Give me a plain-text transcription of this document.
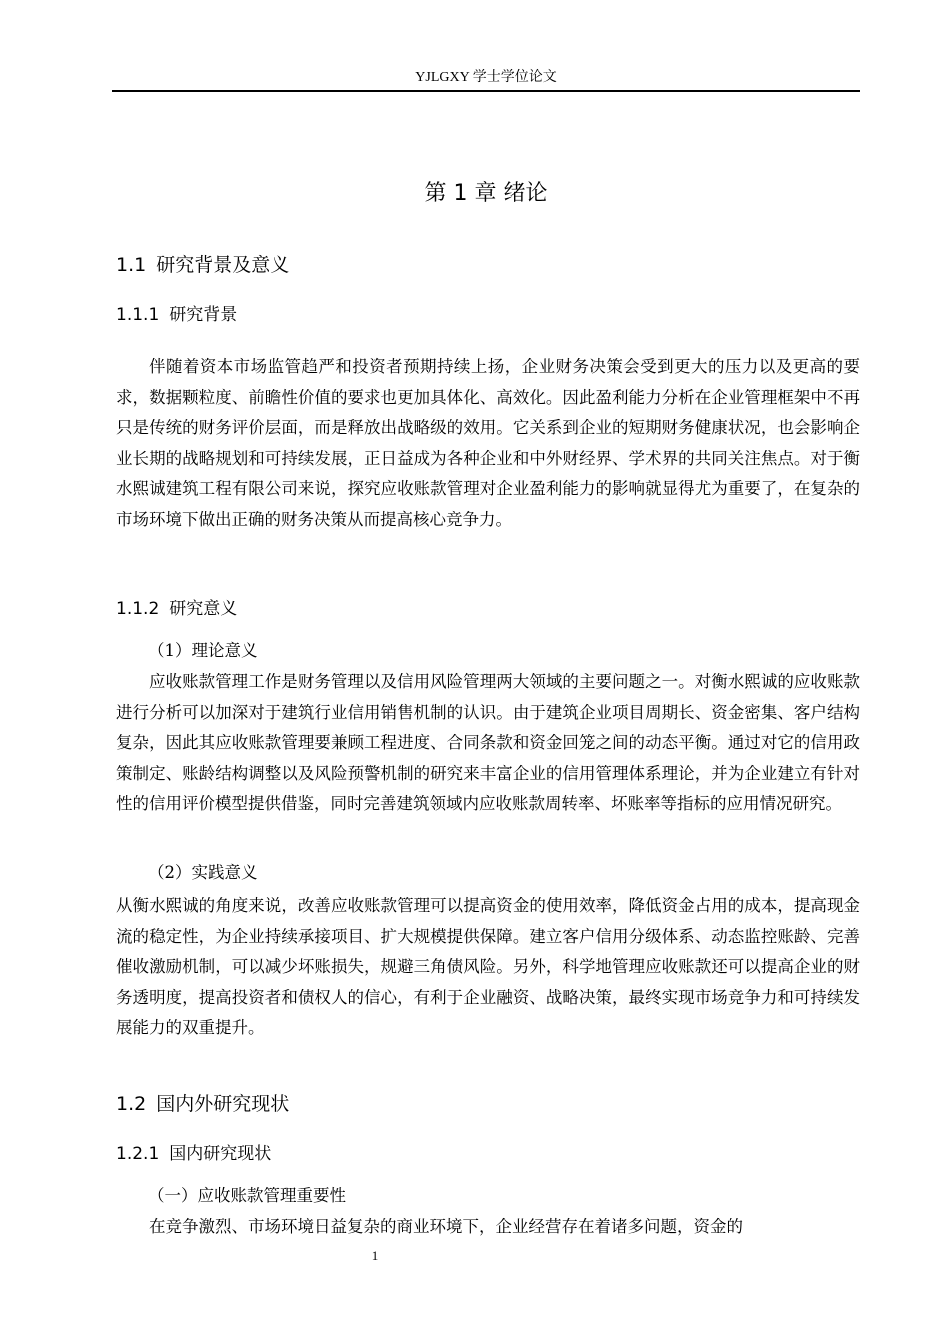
YJLGXY 学士学位论文
第 1 章 绪论
1.1 研究背景及意义
1.1.1 研究背景

伴随着资本市场监管趋严和投资者预期持续上扬，企业财务决策会受到更大的压力以及更高的要求，数据颗粒度、前瞻性价值的要求也更加具体化、高效化。因此盈利能力分析在企业管理框架中不再只是传统的财务评价层面，而是释放出战略级的效用。它关系到企业的短期财务健康状况，也会影响企业长期的战略规划和可持续发展，正日益成为各种企业和中外财经界、学术界的共同关注焦点。对于衡水熙诚建筑工程有限公司来说，探究应收账款管理对企业盈利能力的影响就显得尤为重要了，在复杂的市场环境下做出正确的财务决策从而提高核心竞争力。

1.1.2 研究意义
（1）理论意义

应收账款管理工作是财务管理以及信用风险管理两大领域的主要问题之一。对衡水熙诚的应收账款进行分析可以加深对于建筑行业信用销售机制的认识。由于建筑企业项目周期长、资金密集、客户结构复杂，因此其应收账款管理要兼顾工程进度、合同条款和资金回笼之间的动态平衡。通过对它的信用政策制定、账龄结构调整以及风险预警机制的研究来丰富企业的信用管理体系理论，并为企业建立有针对性的信用评价模型提供借鉴，同时完善建筑领域内应收账款周转率、坏账率等指标的应用情况研究。

（2）实践意义

从衡水熙诚的角度来说，改善应收账款管理可以提高资金的使用效率，降低资金占用的成本，提高现金流的稳定性，为企业持续承接项目、扩大规模提供保障。建立客户信用分级体系、动态监控账龄、完善催收激励机制，可以减少坏账损失，规避三角债风险。另外，科学地管理应收账款还可以提高企业的财务透明度，提高投资者和债权人的信心，有利于企业融资、战略决策，最终实现市场竞争力和可持续发展能力的双重提升。

1.2 国内外研究现状
1.2.1 国内研究现状
（一）应收账款管理重要性

在竞争激烈、市场环境日益复杂的商业环境下，企业经营存在着诸多问题，资金的

1
